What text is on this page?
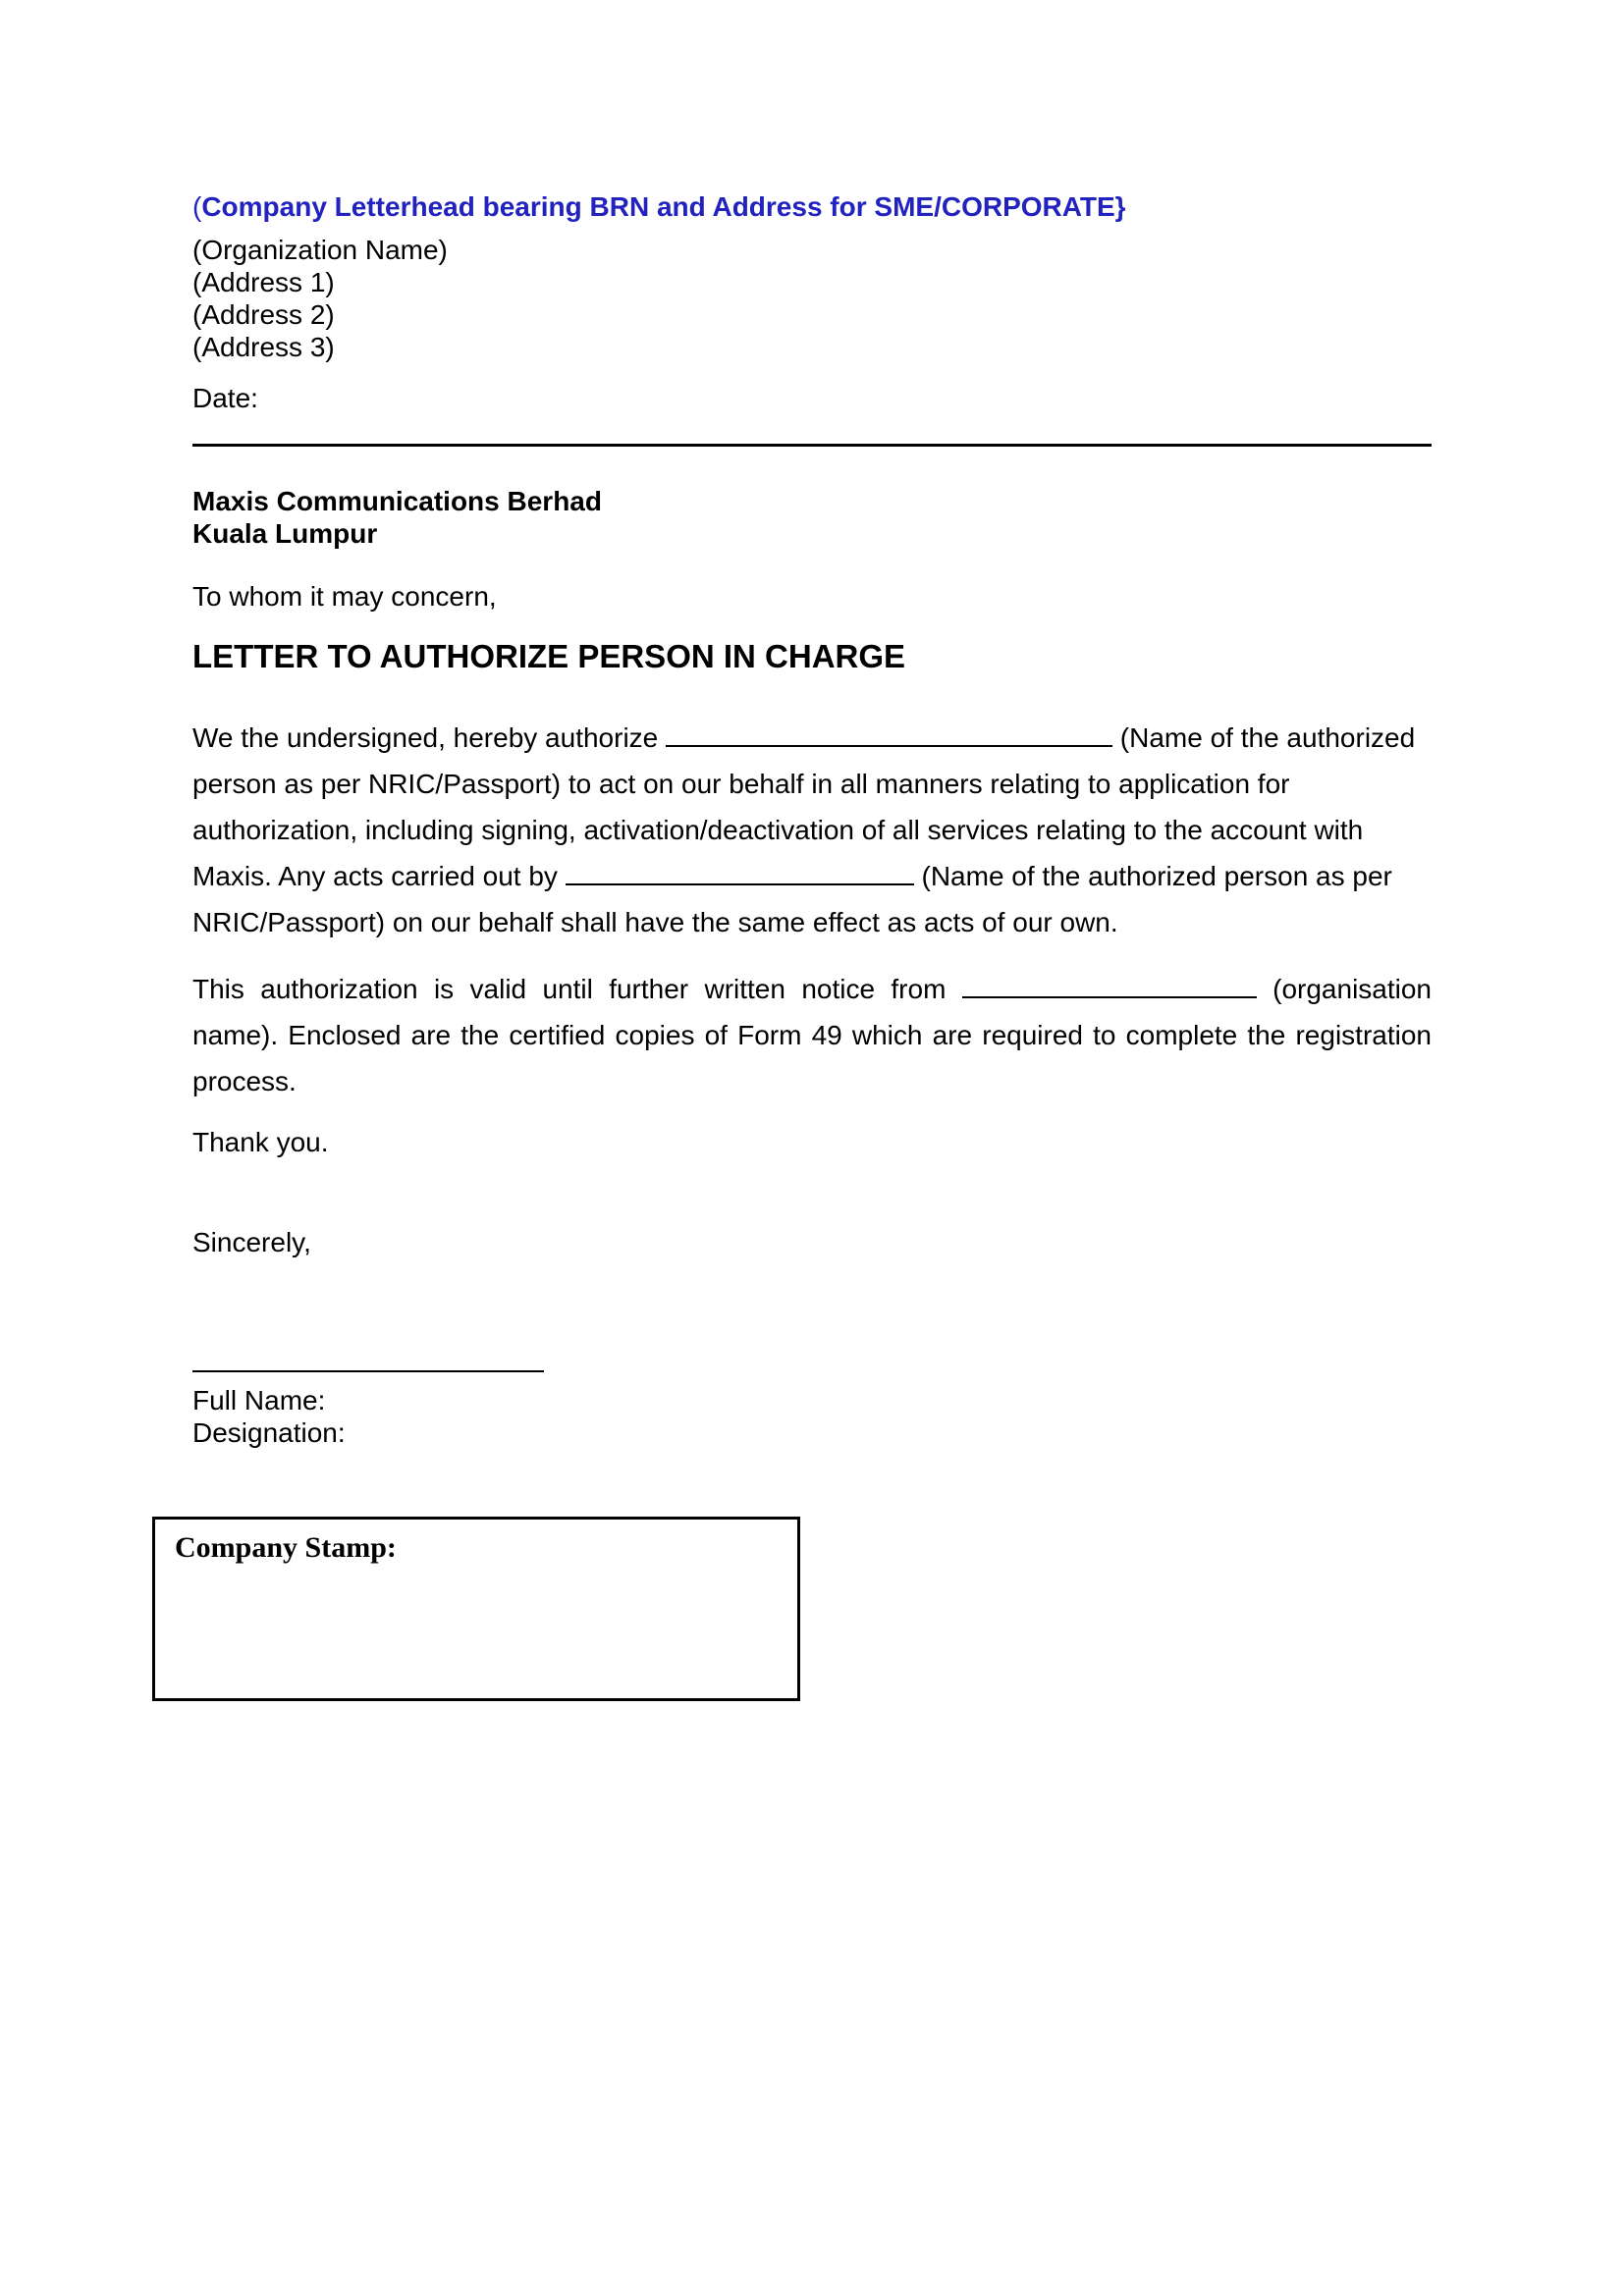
(Company Letterhead bearing BRN and Address for SME/CORPORATE}
(Organization Name)
(Address 1)
(Address 2)
(Address 3)
Date:
Maxis Communications Berhad
Kuala Lumpur
To whom it may concern,
LETTER TO AUTHORIZE PERSON IN CHARGE
We the undersigned, hereby authorize	(Name of the authorized person as per NRIC/Passport) to act on our behalf in all manners relating to application for authorization, including signing, activation/deactivation of all services relating to the account with Maxis. Any acts carried out by	(Name of the authorized person as per NRIC/Passport) on our behalf shall have the same effect as acts of our own.
This authorization is valid until further written notice from	(organisation name). Enclosed are the certified copies of Form 49 which are required to complete the registration process.
Thank you.
Sincerely,
Full Name:
Designation:
Company Stamp:
